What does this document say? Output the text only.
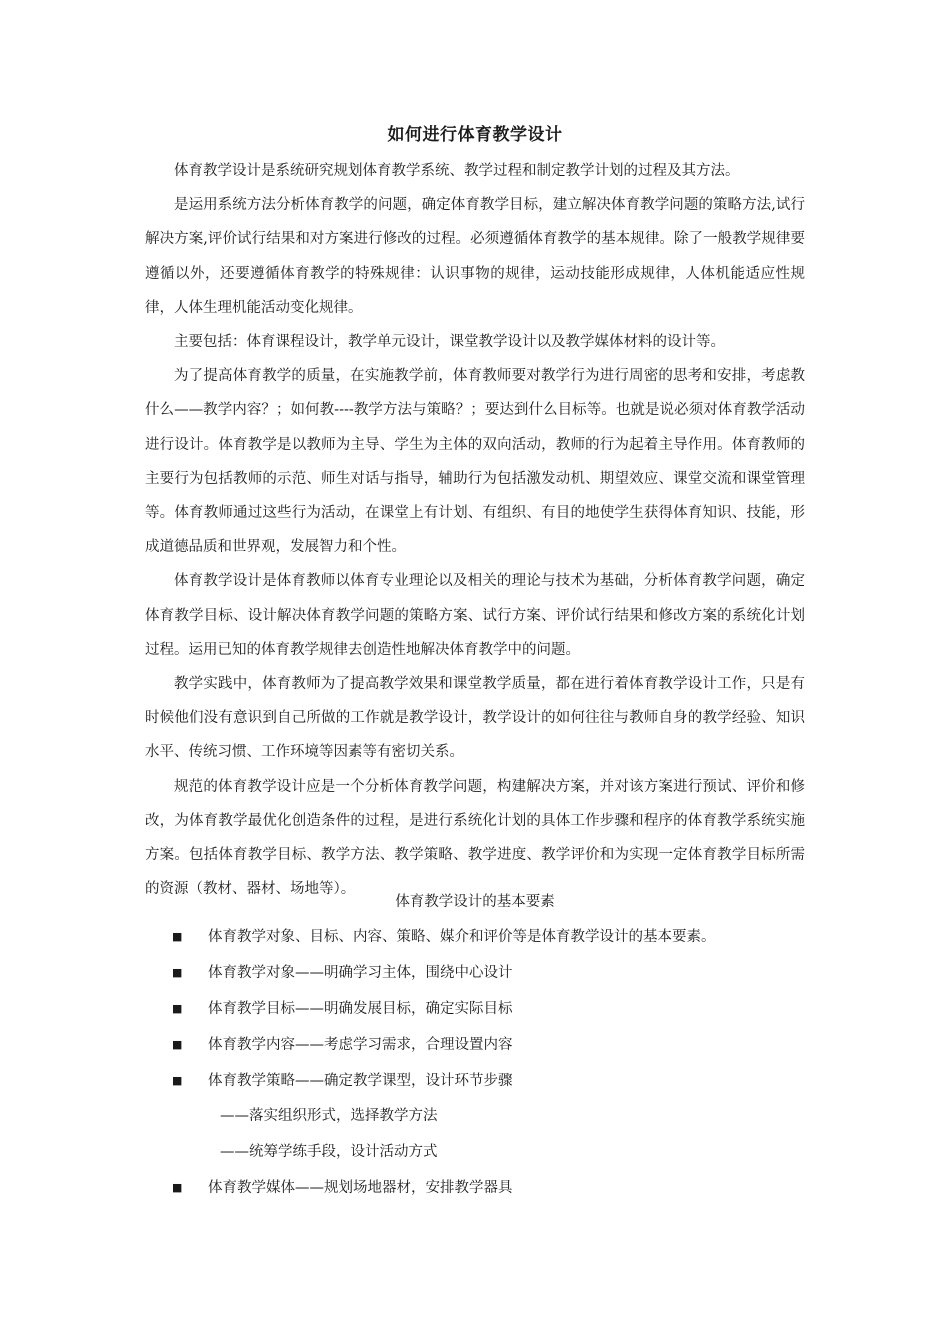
如何进行体育教学设计

体育教学设计是系统研究规划体育教学系统、教学过程和制定教学计划的过程及其方法。

是运用系统方法分析体育教学的问题，确定体育教学目标，建立解决体育教学问题的策略方法,试行解决方案,评价试行结果和对方案进行修改的过程。必须遵循体育教学的基本规律。除了一般教学规律要遵循以外，还要遵循体育教学的特殊规律：认识事物的规律，运动技能形成规律，人体机能适应性规律，人体生理机能活动变化规律。

主要包括：体育课程设计，教学单元设计，课堂教学设计以及教学媒体材料的设计等。

为了提高体育教学的质量，在实施教学前，体育教师要对教学行为进行周密的思考和安排，考虑教什么——教学内容？；如何教----教学方法与策略？；要达到什么目标等。也就是说必须对体育教学活动进行设计。体育教学是以教师为主导、学生为主体的双向活动，教师的行为起着主导作用。体育教师的主要行为包括教师的示范、师生对话与指导，辅助行为包括激发动机、期望效应、课堂交流和课堂管理等。体育教师通过这些行为活动，在课堂上有计划、有组织、有目的地使学生获得体育知识、技能，形成道德品质和世界观，发展智力和个性。

体育教学设计是体育教师以体育专业理论以及相关的理论与技术为基础，分析体育教学问题，确定体育教学目标、设计解决体育教学问题的策略方案、试行方案、评价试行结果和修改方案的系统化计划过程。运用已知的体育教学规律去创造性地解决体育教学中的问题。

教学实践中，体育教师为了提高教学效果和课堂教学质量，都在进行着体育教学设计工作，只是有时候他们没有意识到自己所做的工作就是教学设计，教学设计的如何往往与教师自身的教学经验、知识水平、传统习惯、工作环境等因素等有密切关系。

规范的体育教学设计应是一个分析体育教学问题，构建解决方案，并对该方案进行预试、评价和修改，为体育教学最优化创造条件的过程，是进行系统化计划的具体工作步骤和程序的体育教学系统实施方案。包括体育教学目标、教学方法、教学策略、教学进度、教学评价和为实现一定体育教学目标所需的资源（教材、器材、场地等）。

体育教学设计的基本要素
■ 体育教学对象、目标、内容、策略、媒介和评价等是体育教学设计的基本要素。
■ 体育教学对象——明确学习主体，围绕中心设计
■ 体育教学目标——明确发展目标，确定实际目标
■ 体育教学内容——考虑学习需求，合理设置内容
■ 体育教学策略——确定教学课型，设计环节步骤
——落实组织形式，选择教学方法
——统筹学练手段，设计活动方式
■ 体育教学媒体——规划场地器材，安排教学器具
